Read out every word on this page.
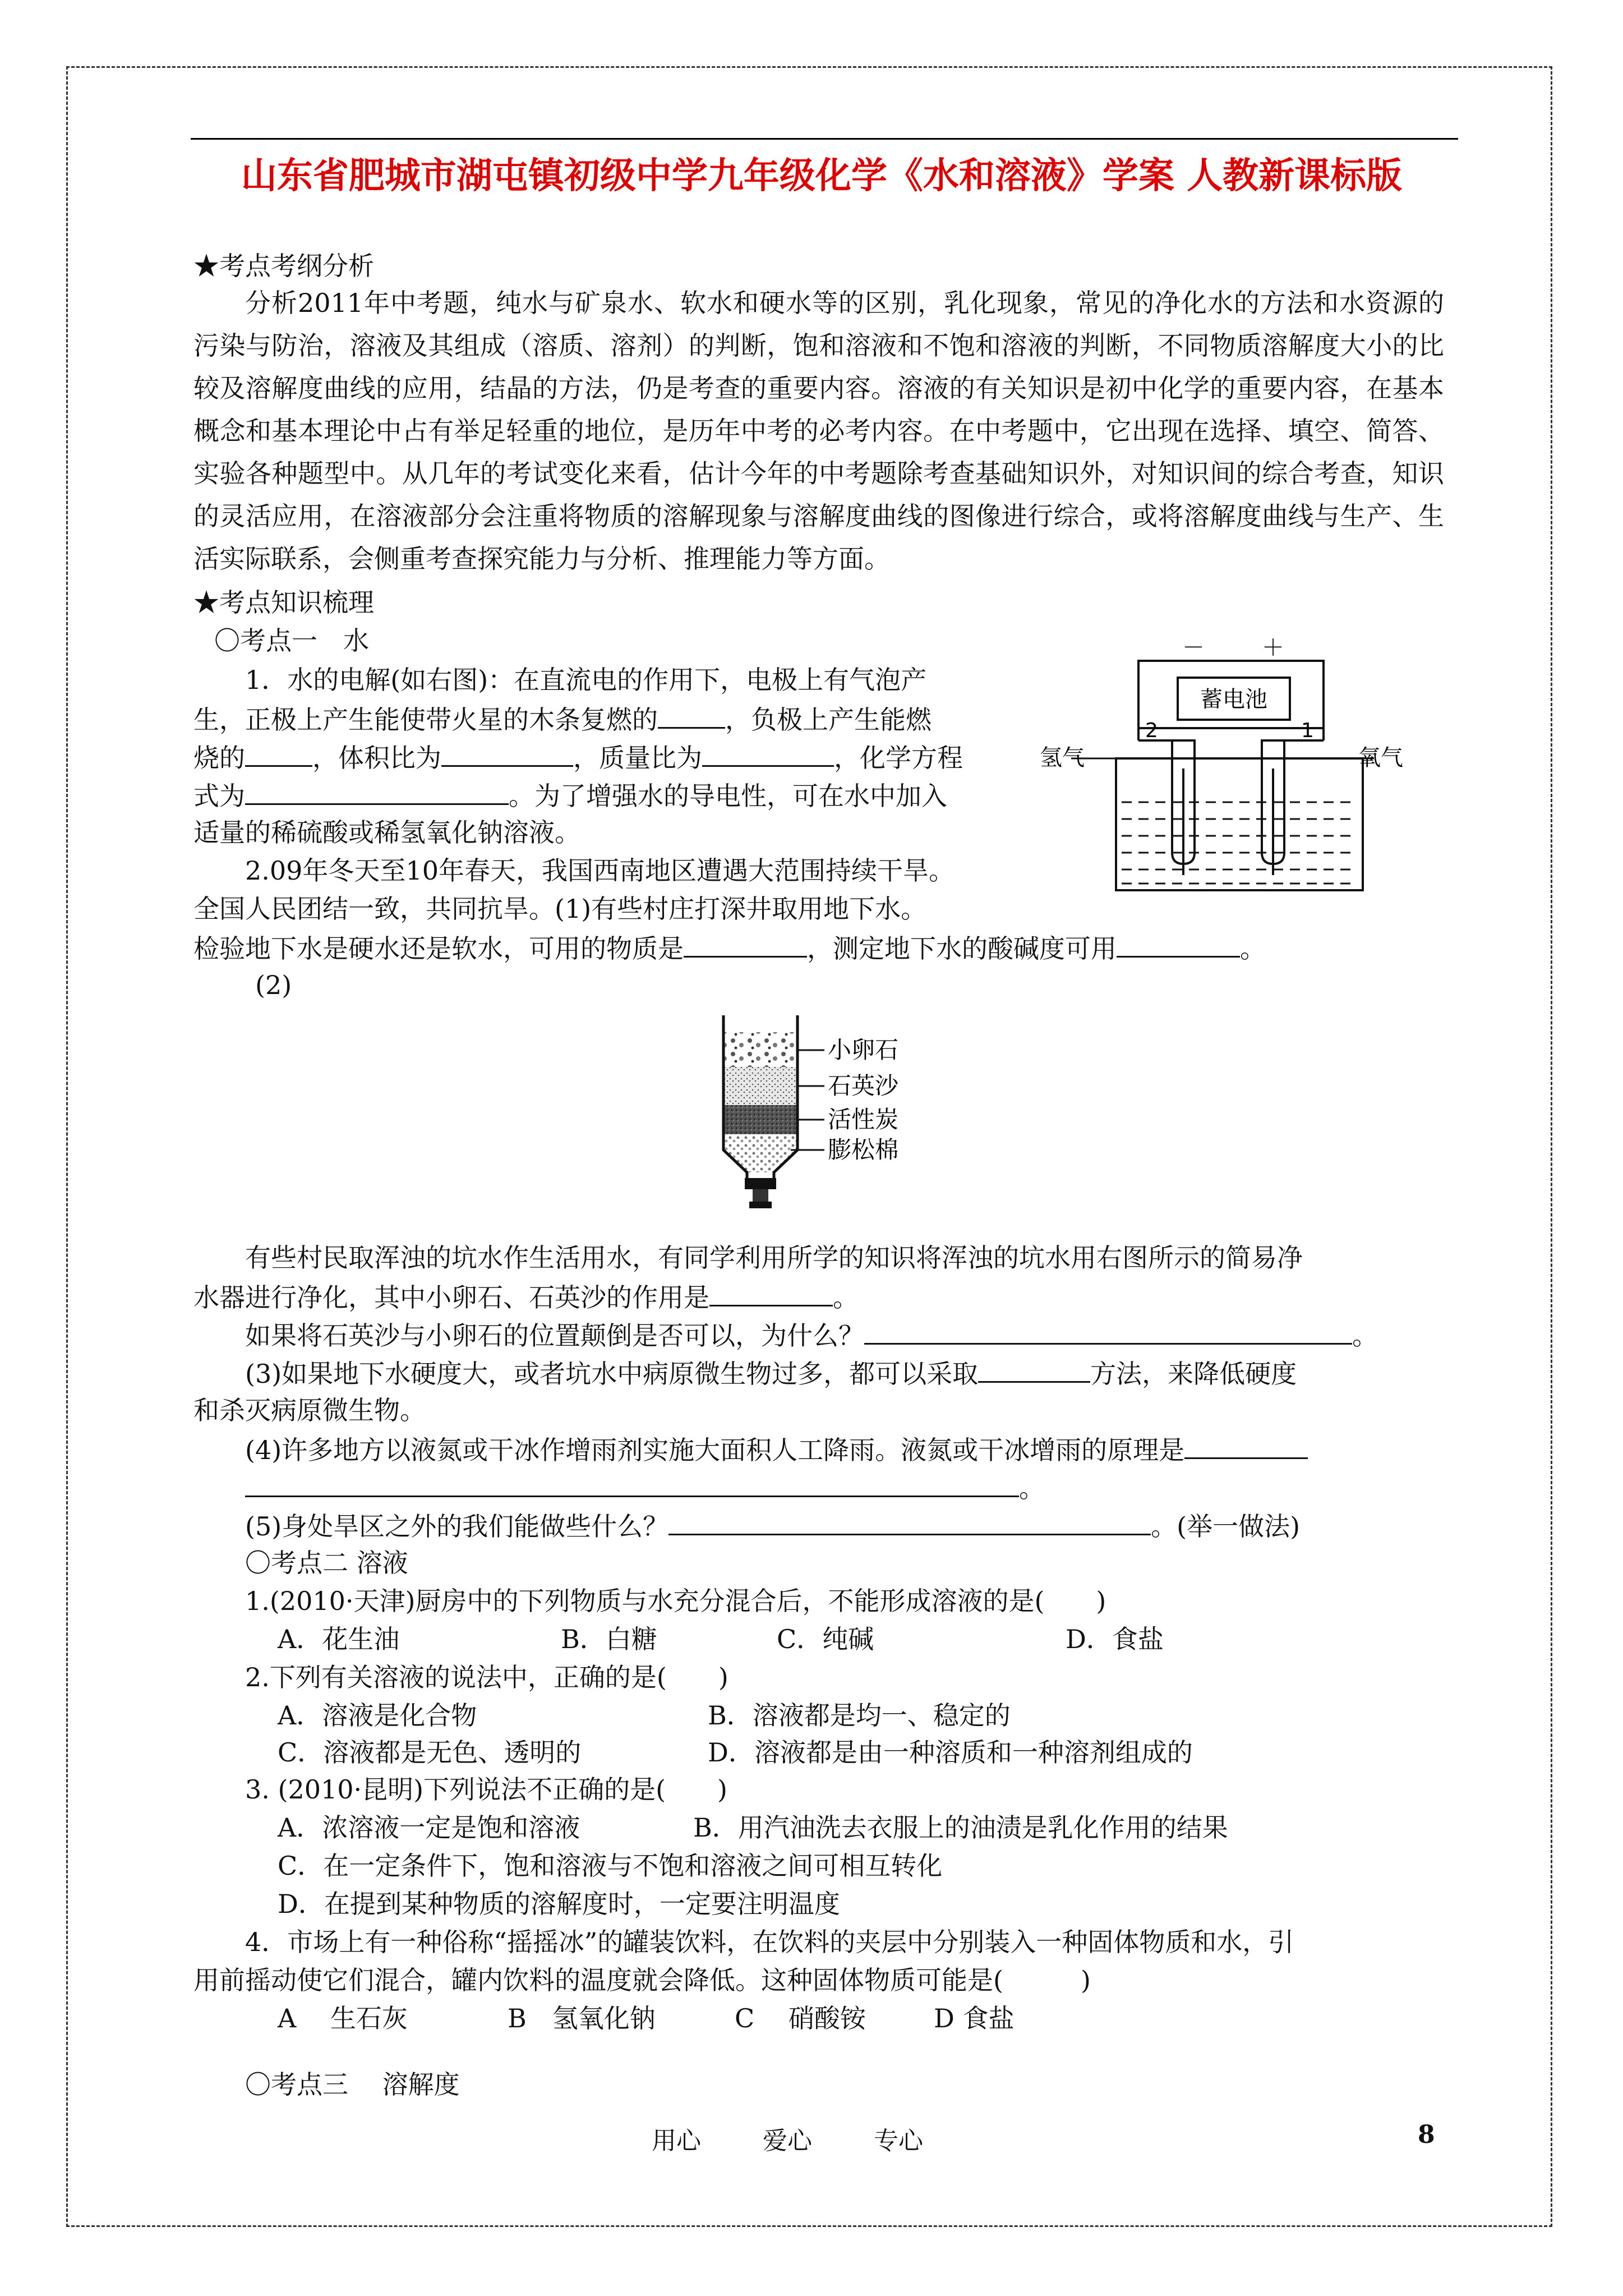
山东省肥城市湖屯镇初级中学九年级化学《水和溶液》学案 人教新课标版
★考点考纲分析
分析2011年中考题，纯水与矿泉水、软水和硬水等的区别，乳化现象，常见的净化水的方法和水资源的污染与防治，溶液及其组成（溶质、溶剂）的判断，饱和溶液和不饱和溶液的判断，不同物质溶解度大小的比较及溶解度曲线的应用，结晶的方法，仍是考查的重要内容。溶液的有关知识是初中化学的重要内容，在基本概念和基本理论中占有举足轻重的地位，是历年中考的必考内容。在中考题中，它出现在选择、填空、简答、实验各种题型中。从几年的考试变化来看，估计今年的中考题除考查基础知识外，对知识间的综合考查，知识的灵活应用，在溶液部分会注重将物质的溶解现象与溶解度曲线的图像进行综合，或将溶解度曲线与生产、生活实际联系，会侧重考查探究能力与分析、推理能力等方面。
★考点知识梳理
〇考点一　水
1．水的电解(如右图)：在直流电的作用下，电极上有气泡产
生，正极上产生能使带火星的木条复燃的	，负极上产生能燃
烧的	，体积比为	，质量比为	，化学方程
式为	。为了增强水的导电性，可在水中加入
适量的稀硫酸或稀氢氧化钠溶液。
－	＋
蓄电池
2	1
氢气	氧气
2.09年冬天至10年春天，我国西南地区遭遇大范围持续干旱。
全国人民团结一致，共同抗旱。(1)有些村庄打深井取用地下水。
检验地下水是硬水还是软水，可用的物质是	，测定地下水的酸碱度可用	。
(2)
小卵石
石英沙
活性炭
膨松棉
有些村民取浑浊的坑水作生活用水，有同学利用所学的知识将浑浊的坑水用右图所示的简易净
水器进行净化，其中小卵石、石英沙的作用是	。
如果将石英沙与小卵石的位置颠倒是否可以，为什么？	。
(3)如果地下水硬度大，或者坑水中病原微生物过多，都可以采取	方法，来降低硬度
和杀灭病原微生物。
(4)许多地方以液氮或干冰作增雨剂实施大面积人工降雨。液氮或干冰增雨的原理是
。
(5)身处旱区之外的我们能做些什么？	。(举一做法)
〇考点二 溶液
1.(2010·天津)厨房中的下列物质与水充分混合后，不能形成溶液的是(　　)
A．花生油	B．白糖	C．纯碱	D．食盐
2.下列有关溶液的说法中，正确的是(　　)
A．溶液是化合物	B．溶液都是均一、稳定的
C．溶液都是无色、透明的	D．溶液都是由一种溶质和一种溶剂组成的
3. (2010·昆明)下列说法不正确的是(　　)
A．浓溶液一定是饱和溶液	B．用汽油洗去衣服上的油渍是乳化作用的结果
C．在一定条件下，饱和溶液与不饱和溶液之间可相互转化
D．在提到某种物质的溶解度时，一定要注明温度
4．市场上有一种俗称“摇摇冰”的罐装饮料，在饮料的夹层中分别装入一种固体物质和水，引
用前摇动使它们混合，罐内饮料的温度就会降低。这种固体物质可能是(　　　)
A　 生石灰	B　氢氧化钠	C　 硝酸铵	D 食盐
〇考点三　 溶解度
用心	爱心	专心	8
